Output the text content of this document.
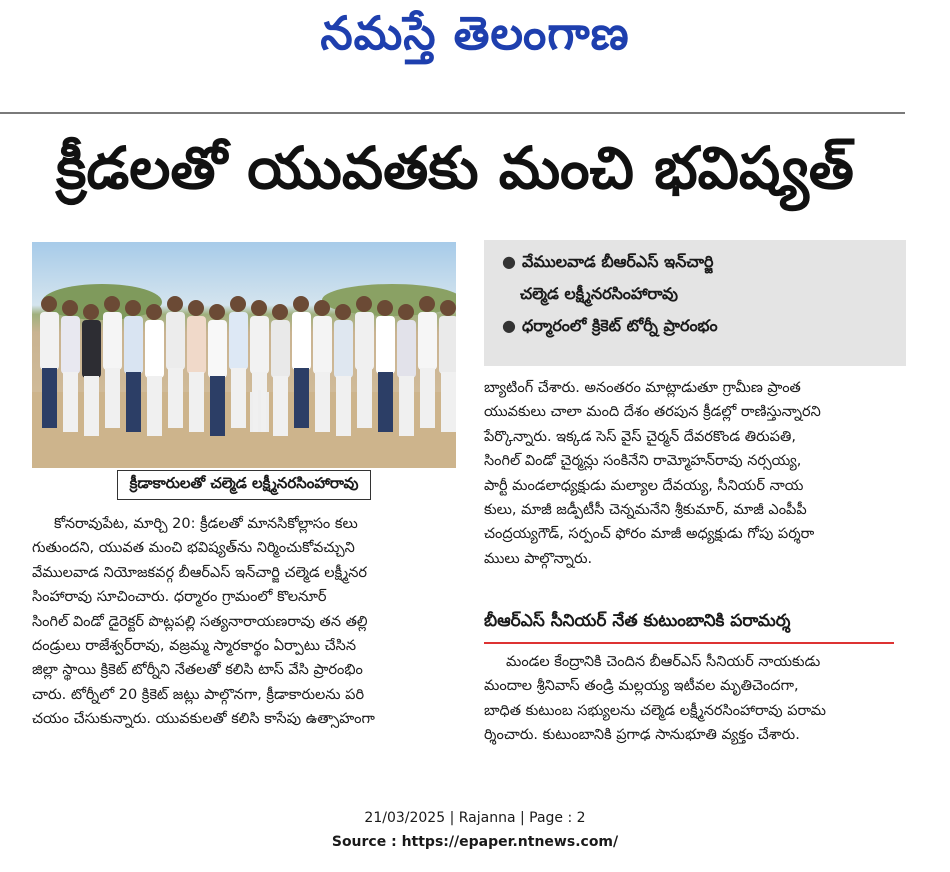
నమస్తే తెలంగాణ
క్రీడలతో యువతకు మంచి భవిష్యత్
క్రీడాకారులతో చల్మెడ లక్ష్మీనరసింహారావు
● వేములవాడ బీఆర్‌ఎస్‌ ఇన్‌చార్జి
చల్మెడ లక్ష్మీనరసింహారావు
● ధర్మారంలో క్రికెట్‌ టోర్నీ ప్రారంభం

కోనరావుపేట, మార్చి 20: క్రీడలతో మానసికోల్లాసం కలు

గుతుందని, యువత మంచి భవిష్యత్‌ను నిర్మించుకోవచ్చుని

వేములవాడ నియోజకవర్గ బీఆర్‌ఎస్‌ ఇన్‌చార్జి చల్మెడ లక్ష్మీనర

సింహారావు సూచించారు. ధర్మారం గ్రామంలో కొలనూర్‌

సింగిల్‌ విండో డైరెక్టర్‌ పొట్లపల్లి సత్యనారాయణరావు తన తల్లి

దండ్రులు రాజేశ్వర్‌రావు, వజ్రమ్మ స్మారకార్థం ఏర్పాటు చేసిన

జిల్లా స్థాయి క్రికెట్‌ టోర్నీని నేతలతో కలిసి టాస్‌ వేసి ప్రారంభిం

చారు. టోర్నీలో 20 క్రికెట్‌ జట్లు పాల్గొనగా, క్రీడాకారులను పరి

చయం చేసుకున్నారు. యువకులతో కలిసి కాసేపు ఉత్సాహంగా

బ్యాటింగ్‌ చేశారు. అనంతరం మాట్లాడుతూ గ్రామీణ ప్రాంత

యువకులు చాలా మంది దేశం తరపున క్రీడల్లో రాణిస్తున్నారని

పేర్కొన్నారు. ఇక్కడ సెస్‌ వైస్‌ చైర్మన్‌ దేవరకొండ తిరుపతి,

సింగిల్‌ విండో చైర్మన్లు సంకినేని రామ్మోహన్‌రావు నర్సయ్య,

పార్టీ మండలాధ్యక్షుడు మల్యాల దేవయ్య, సీనియర్‌ నాయ

కులు, మాజీ జడ్పీటీసీ చెన్నమనేని శ్రీకుమార్‌, మాజీ ఎంపీపీ

చంద్రయ్యగౌడ్‌, సర్పంచ్‌ ఫోరం మాజీ అధ్యక్షుడు గోపు పర్శరా

ములు పాల్గొన్నారు.

బీఆర్‌ఎస్‌ సీనియర్‌ నేత కుటుంబానికి పరామర్శ

మండల కేంద్రానికి చెందిన బీఆర్‌ఎస్‌ సీనియర్‌ నాయకుడు

మందాల శ్రీనివాస్‌ తండ్రి మల్లయ్య ఇటీవల మృతిచెందగా,

బాధిత కుటుంబ సభ్యులను చల్మెడ లక్ష్మీనరసింహారావు పరామ

ర్శించారు. కుటుంబానికి ప్రగాఢ సానుభూతి వ్యక్తం చేశారు.

21/03/2025 | Rajanna | Page : 2
Source : https://epaper.ntnews.com/
